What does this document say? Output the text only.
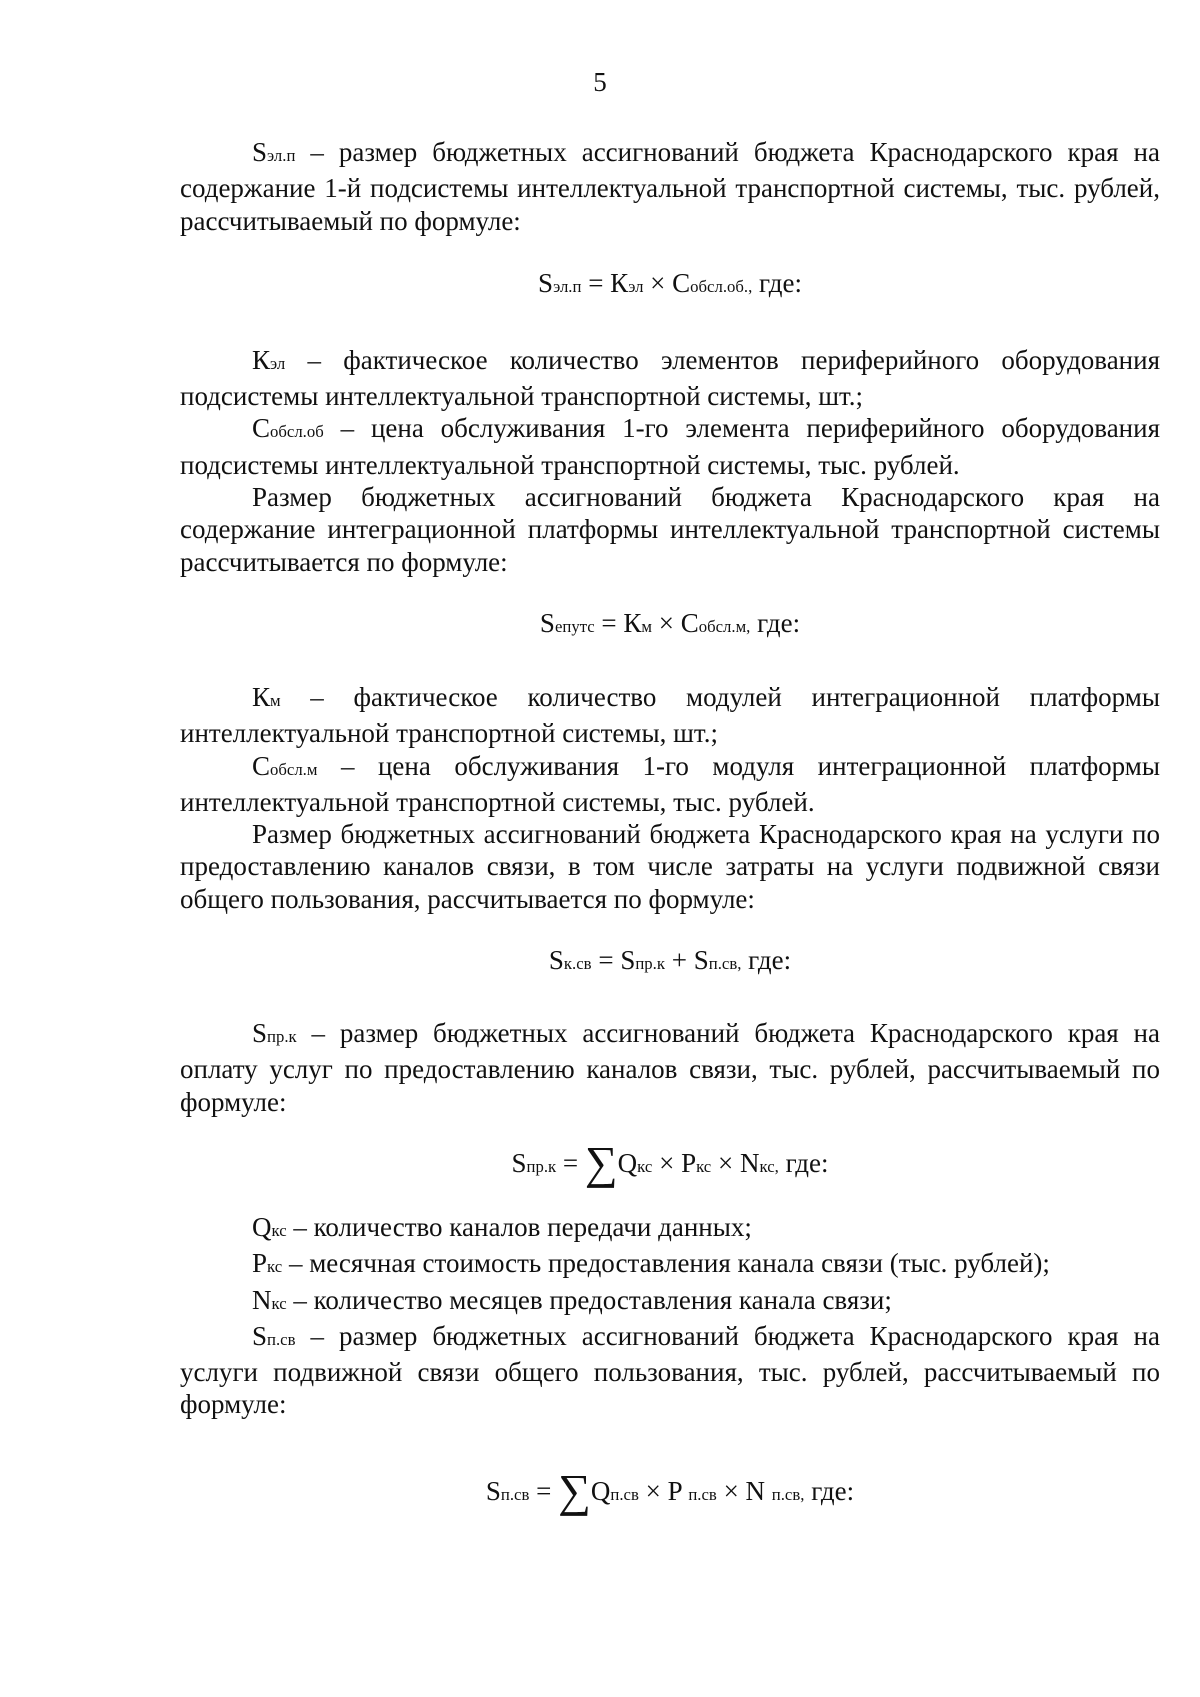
5

Sэл.п – размер бюджетных ассигнований бюджета Краснодарского края на содержание 1-й подсистемы интеллектуальной транспортной системы, тыс. рублей, рассчитываемый по формуле:

Sэл.п = Кэл × Собсл.об., где:

Кэл – фактическое количество элементов периферийного оборудования подсистемы интеллектуальной транспортной системы, шт.;

Собсл.об – цена обслуживания 1-го элемента периферийного оборудования подсистемы интеллектуальной транспортной системы, тыс. рублей.

Размер бюджетных ассигнований бюджета Краснодарского края на содержание интеграционной платформы интеллектуальной транспортной системы рассчитывается по формуле:

Sепутс = Км × Собсл.м, где:

Км – фактическое количество модулей интеграционной платформы интеллектуальной транспортной системы, шт.;

Собсл.м – цена обслуживания 1-го модуля интеграционной платформы интеллектуальной транспортной системы, тыс. рублей.

Размер бюджетных ассигнований бюджета Краснодарского края на услуги по предоставлению каналов связи, в том числе затраты на услуги подвижной связи общего пользования, рассчитывается по формуле:

Sк.св = Sпр.к + Sп.св, где:

Sпр.к – размер бюджетных ассигнований бюджета Краснодарского края на оплату услуг по предоставлению каналов связи, тыс. рублей, рассчитываемый по формуле:

Sпр.к = ∑Qкс × Pкс × Nкс, где:

Qкс – количество каналов передачи данных;

Pкс – месячная стоимость предоставления канала связи (тыс. рублей);

Nкс – количество месяцев предоставления канала связи;

Sп.св – размер бюджетных ассигнований бюджета Краснодарского края на услуги подвижной связи общего пользования, тыс. рублей, рассчитываемый по формуле:

Sп.св = ∑Qп.св × P п.св × N п.св, где:
